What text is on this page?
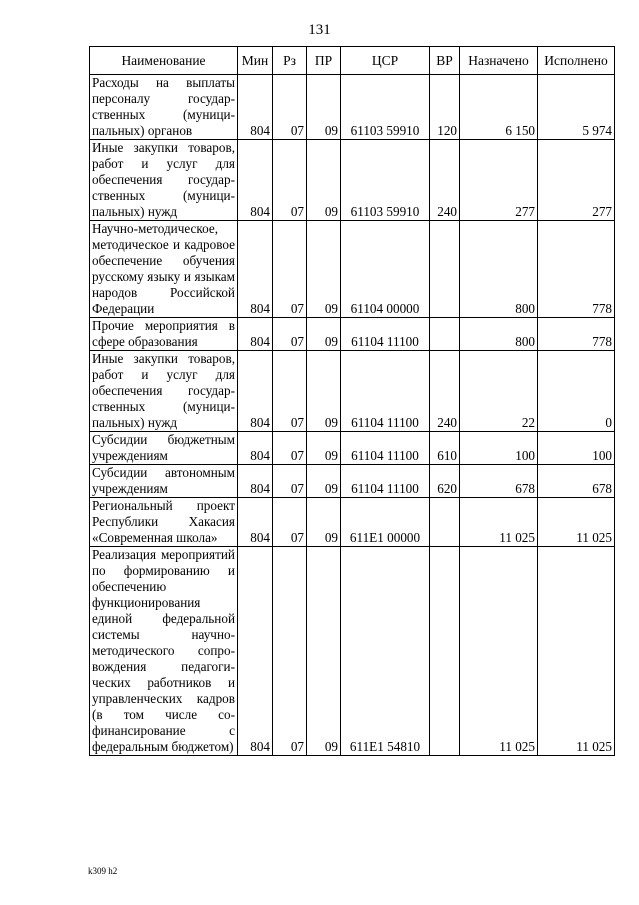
131
Наименование	Мин	Рз	ПР	ЦСР	ВР	Назначено	Исполнено
Расходы на выплаты персоналу государственных (муниципальных) органов	804	07	09	61103 59910	120	6 150	5 974
Иные закупки товаров, работ и услуг для обеспечения государственных (муниципальных) нужд	804	07	09	61103 59910	240	277	277
Научно-методическое, методическое и кадровое обеспечение обучения русскому языку и языкам народов Российской Федерации	804	07	09	61104 00000		800	778
Прочие мероприятия в сфере образования	804	07	09	61104 11100		800	778
Иные закупки товаров, работ и услуг для обеспечения государственных (муниципальных) нужд	804	07	09	61104 11100	240	22	0
Субсидии бюджетным учреждениям	804	07	09	61104 11100	610	100	100
Субсидии автономным учреждениям	804	07	09	61104 11100	620	678	678
Региональный проект Республики Хакасия «Современная школа»	804	07	09	611Е1 00000		11 025	11 025
Реализация мероприятий по формированию и обеспечению функционирования единой федеральной системы научно-методического сопровождения педагогических работников и управленческих кадров (в том числе софинансирование с федеральным бюджетом)	804	07	09	611Е1 54810		11 025	11 025
k309 h2
